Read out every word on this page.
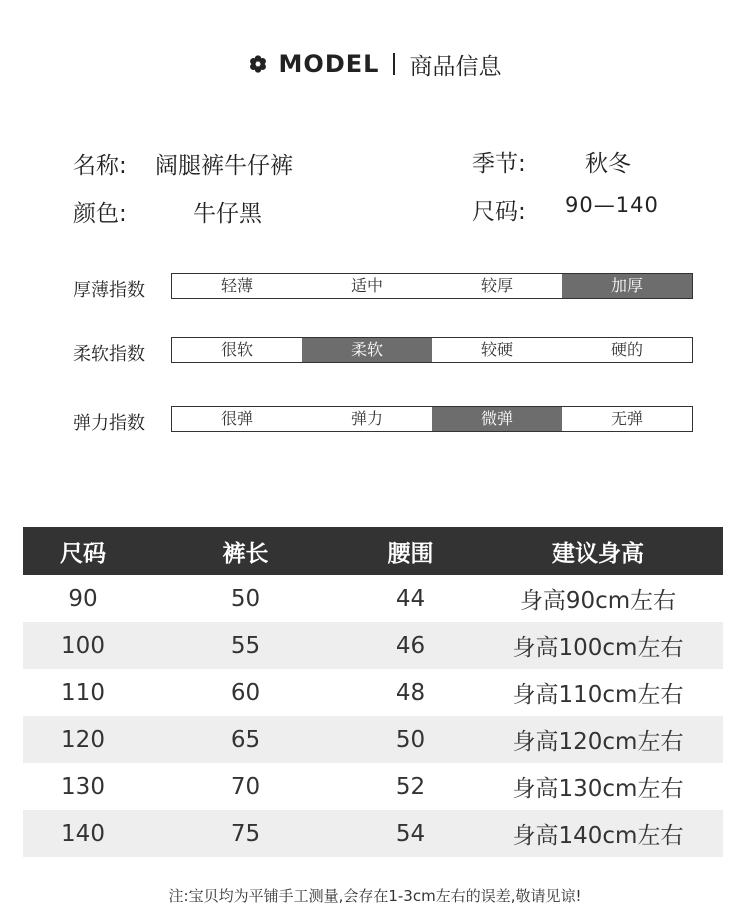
MODEL 商品信息
名称: 阔腿裤牛仔裤	季节:	秋冬
颜色:	牛仔黑	尺码: 90—140
厚薄指数	轻薄	适中	较厚	加厚
柔软指数	很软	柔软	较硬	硬的
弹力指数	很弹	弹力	微弹	无弹
尺码	裤长	腰围	建议身高
90	50	44	身高90cm左右
100	55	46	身高100cm左右
110	60	48	身高110cm左右
120	65	50	身高120cm左右
130	70	52	身高130cm左右
140	75	54	身高140cm左右
注:宝贝均为平铺手工测量,会存在1-3cm左右的误差,敬请见谅!
